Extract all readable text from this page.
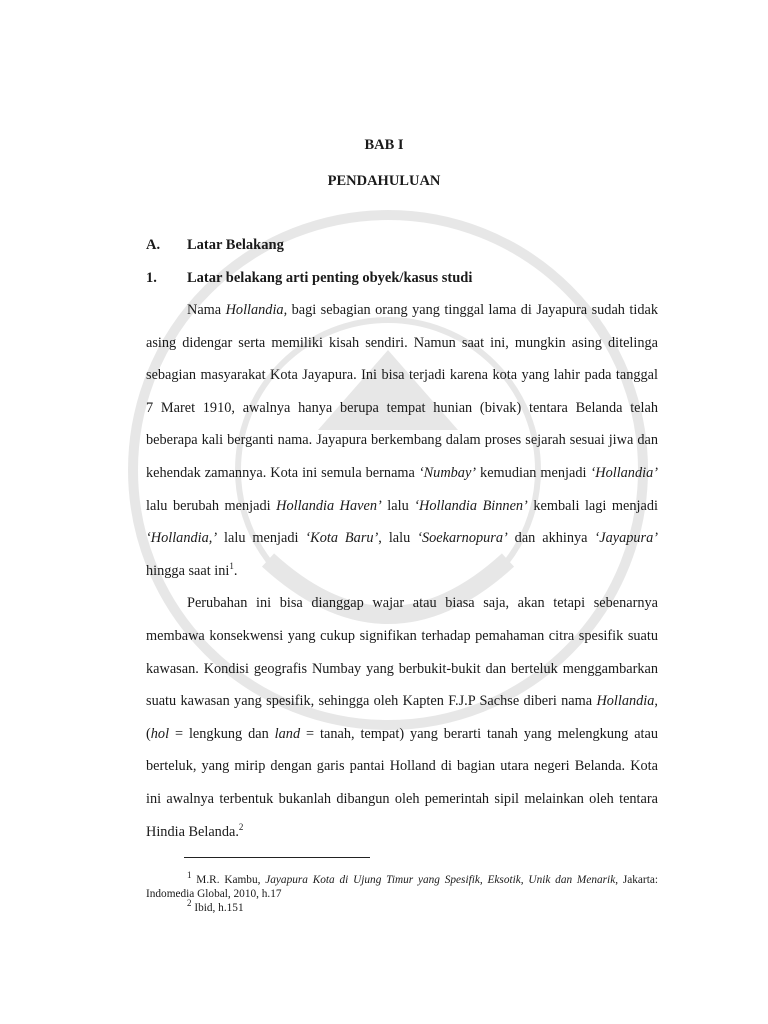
BAB I
PENDAHULUAN
A. Latar Belakang
1. Latar belakang arti penting obyek/kasus studi

Nama Hollandia, bagi sebagian orang yang tinggal lama di Jayapura sudah tidak asing didengar serta memiliki kisah sendiri. Namun saat ini, mungkin asing ditelinga sebagian masyarakat Kota Jayapura. Ini bisa terjadi karena kota yang lahir pada tanggal 7 Maret 1910, awalnya hanya berupa tempat hunian (bivak) tentara Belanda telah beberapa kali berganti nama. Jayapura berkembang dalam proses sejarah sesuai jiwa dan kehendak zamannya. Kota ini semula bernama ‘Numbay’ kemudian menjadi ‘Hollandia’ lalu berubah menjadi Hollandia Haven’ lalu ‘Hollandia Binnen’ kembali lagi menjadi ‘Hollandia,’ lalu menjadi ‘Kota Baru’, lalu ‘Soekarnopura’ dan akhinya ‘Jayapura’ hingga saat ini$^1$.

Perubahan ini bisa dianggap wajar atau biasa saja, akan tetapi sebenarnya membawa konsekwensi yang cukup signifikan terhadap pemahaman citra spesifik suatu kawasan. Kondisi geografis Numbay yang berbukit-bukit dan berteluk menggambarkan suatu kawasan yang spesifik, sehingga oleh Kapten F.J.P Sachse diberi nama Hollandia, (hol = lengkung dan land = tanah, tempat) yang berarti tanah yang melengkung atau berteluk, yang mirip dengan garis pantai Holland di bagian utara negeri Belanda. Kota ini awalnya terbentuk bukanlah dibangun oleh pemerintah sipil melainkan oleh tentara Hindia Belanda.$^2$

$^1$ M.R. Kambu, Jayapura Kota di Ujung Timur yang Spesifik, Eksotik, Unik dan Menarik, Jakarta: Indomedia Global, 2010, h.17

$^2$ Ibid, h.151
